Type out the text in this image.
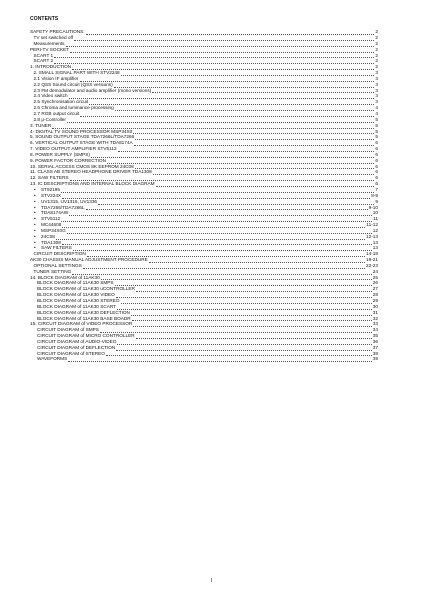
CONTENTS
SAFETY PRECAUTIONS:	2
TV set switched off	2
Measurements	2
PERI-TV SOCKET	2
SCART 1	2
SCART 2	2
1. INTRODUCTION	2
2. SMALL SIGNAL PART WITH STV2248	3
2.1 Vision IF amplifier	3
2.2 QSS Sound circuit (QSS versions)	3
2.3 FM demodulator and audio amplifier (mono versions)	3
2.4 Video switch	3
2.5 Synchronisation circuit	3
2.6 Chroma and luminance processing	4
2.7 RGB output circuit	4
2.8 μ-Controller	5
3. TUNER	5
4- DIGITAL TV SOUND PROCESSOR MSP34X0	5
5. SOUND OUTPUT STAGE TDA7266L/TDA7266	5
6. VERTICAL OUTPUT STAGE WITH TDA8174A	6
7. VIDEO OUTPUT AMPLIFIER STV5112	6
8. POWER SUPPLY (SMPS)	6
9. POWER FACTOR CORRECTION	6
10. SERIAL ACCESS CMOS 8K EEPROM 24C08	6
11. CLASS AB STEREO HEADPHONE DRIVER TDA1308	6
12. SAW FILTERS	6
13. IC DESCRIPTIONS AND INTERNAL BLOCK DIAGRAM	6
• ST92195	7
• STV224X	8-9
• UV1315, UV1316, UV1336	9
• TDA7266/TDA7266L	9-10
• TDA8174AW	10
• STV5112	11
• MC44608	11-12
• MSP34X0G	12
• 24C08	12-13
• TDA1308	13
• SAW FILTERS	13
CIRCUIT DESCRIPTION	14-18
AK30 CHASSIS MANUAL ADJUSTMENT PROCEDURE	19-21
OPTIONAL SETTINGS	22-23
TUNER SETTING	24
14. BLOCK DIAGRAM of 11AK30	25
BLOCK DIAGRAM of 11AK30 SMPS	26
BLOCK DIAGRAM of 11AK30 uCONTROLLER	27
BLOCK DIAGRAM of 11AK30 VIDEO	28
BLOCK DIAGRAM of 11AK30 STEREO	29
BLOCK DIAGRAM of 11AK30 SCART	30
BLOCK DIAGRAM of 11AK30 DEFLECTION	31
BLOCK DIAGRAM of 11AK30 BASE BOADR	32
15. CIRCUIT DIAGRAM of VIDEO PROCESSOR	33
CIRCUIT DIAGRAM of SMPS	34
CIRCUIT DIAGRAM of MICRO CONTROLLER	35
CIRCUIT DIAGRAM of AUDIO-VIDEO	36
CIRCUIT DIAGRAM of DEFLECTION	37
CIRCUIT DIAGRAM of STEREO	38
WAVEFORMS	39
I
